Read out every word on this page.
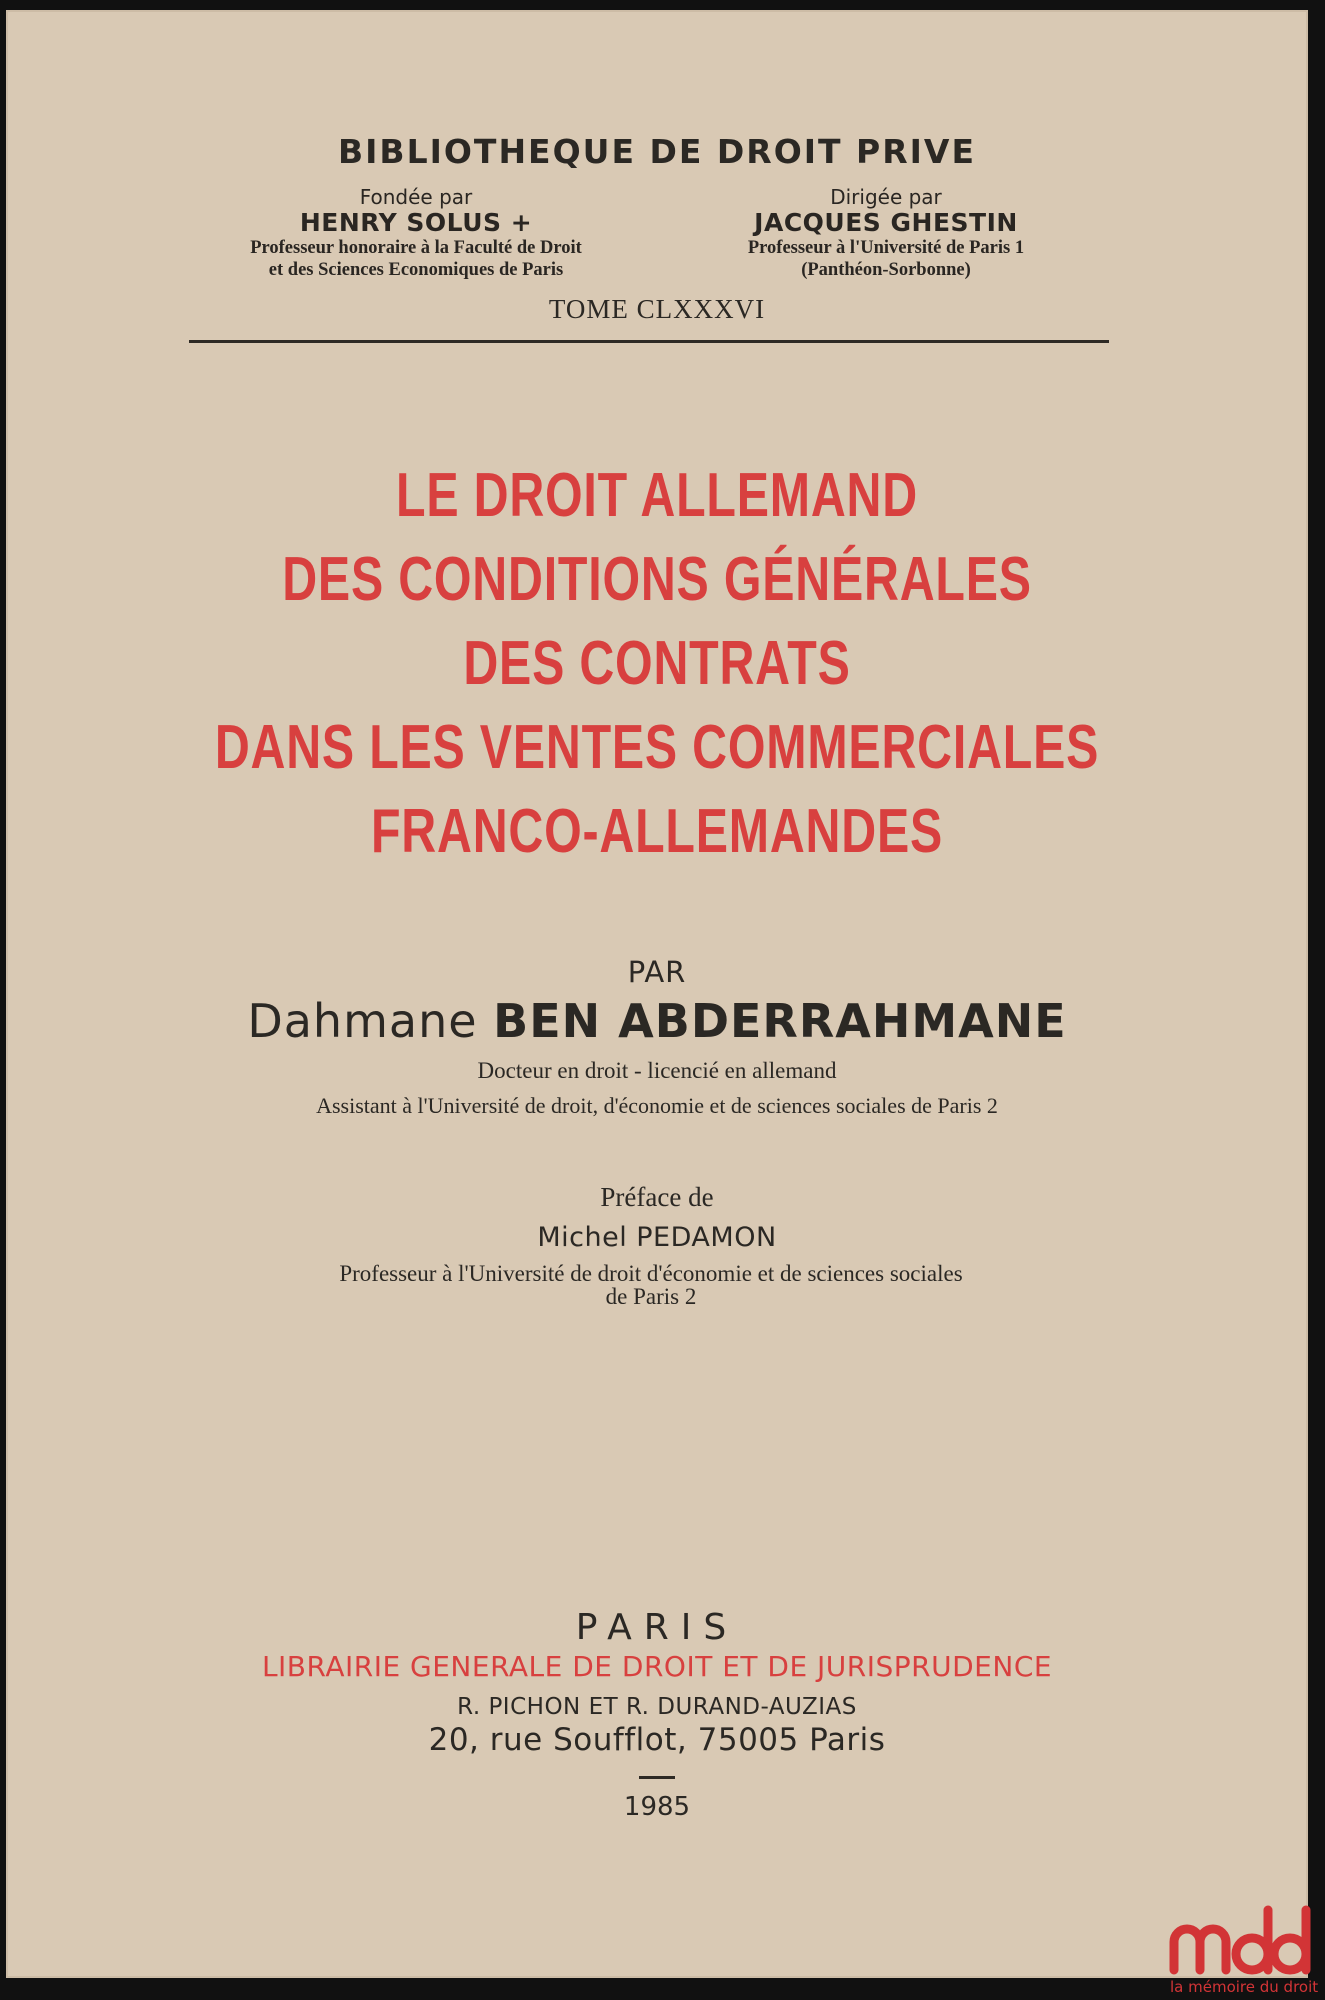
BIBLIOTHEQUE DE DROIT PRIVE
Fondée par
HENRY SOLUS +
Professeur honoraire à la Faculté de Droit
et des Sciences Economiques de Paris
Dirigée par
JACQUES GHESTIN
Professeur à l'Université de Paris 1
(Panthéon-Sorbonne)
TOME CLXXXVI
LE DROIT ALLEMAND
DES CONDITIONS GÉNÉRALES
DES CONTRATS
DANS LES VENTES COMMERCIALES
FRANCO-ALLEMANDES
PAR
Dahmane BEN ABDERRAHMANE
Docteur en droit - licencié en allemand
Assistant à l'Université de droit, d'économie et de sciences sociales de Paris 2
Préface de
Michel PEDAMON
Professeur à l'Université de droit d'économie et de sciences sociales
de Paris 2
PARIS
LIBRAIRIE GENERALE DE DROIT ET DE JURISPRUDENCE
R. PICHON ET R. DURAND-AUZIAS
20, rue Soufflot, 75005 Paris
1985
la mémoire du droit
